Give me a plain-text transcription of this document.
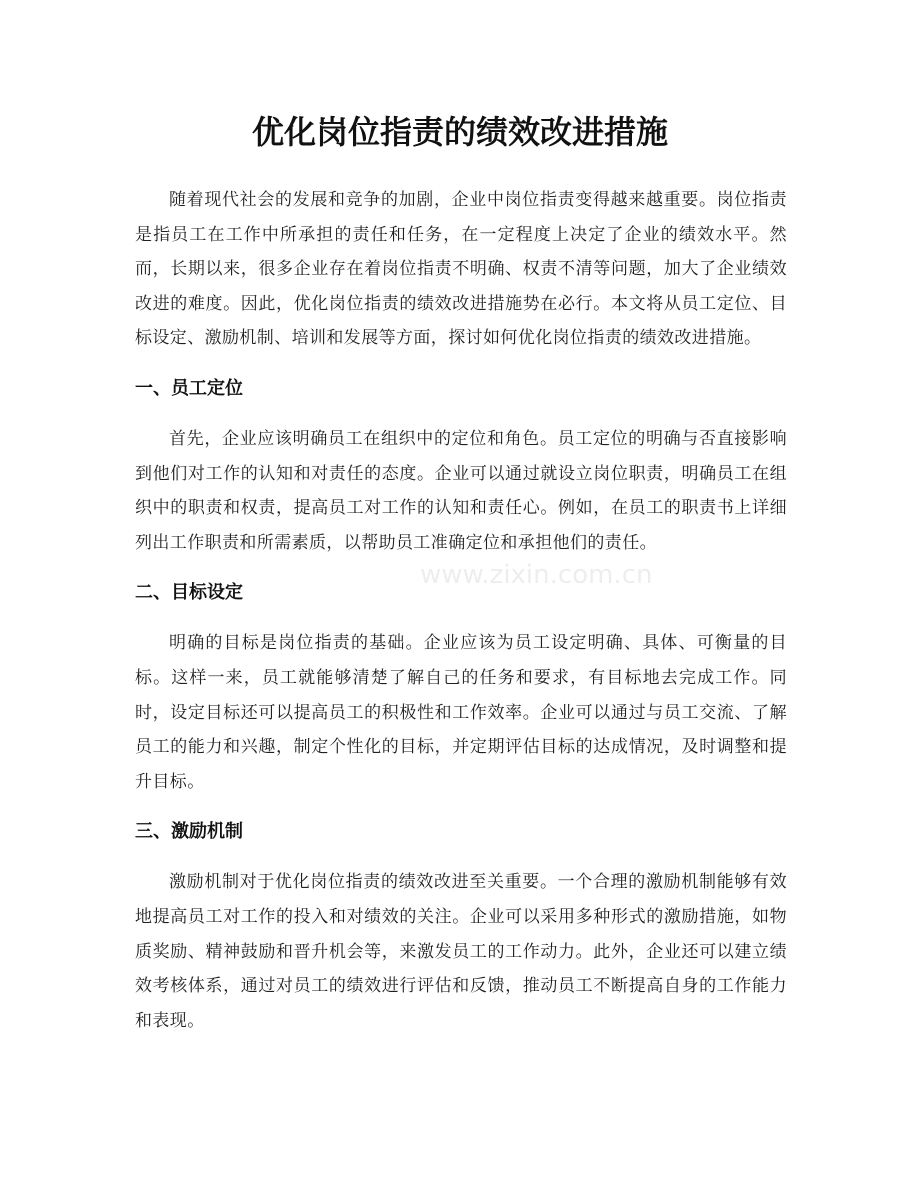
优化岗位指责的绩效改进措施

随着现代社会的发展和竞争的加剧，企业中岗位指责变得越来越重要。岗位指责是指员工在工作中所承担的责任和任务，在一定程度上决定了企业的绩效水平。然而，长期以来，很多企业存在着岗位指责不明确、权责不清等问题，加大了企业绩效改进的难度。因此，优化岗位指责的绩效改进措施势在必行。本文将从员工定位、目标设定、激励机制、培训和发展等方面，探讨如何优化岗位指责的绩效改进措施。

一、员工定位

首先，企业应该明确员工在组织中的定位和角色。员工定位的明确与否直接影响到他们对工作的认知和对责任的态度。企业可以通过就设立岗位职责，明确员工在组织中的职责和权责，提高员工对工作的认知和责任心。例如，在员工的职责书上详细列出工作职责和所需素质，以帮助员工准确定位和承担他们的责任。

二、目标设定

明确的目标是岗位指责的基础。企业应该为员工设定明确、具体、可衡量的目标。这样一来，员工就能够清楚了解自己的任务和要求，有目标地去完成工作。同时，设定目标还可以提高员工的积极性和工作效率。企业可以通过与员工交流、了解员工的能力和兴趣，制定个性化的目标，并定期评估目标的达成情况，及时调整和提升目标。

三、激励机制

激励机制对于优化岗位指责的绩效改进至关重要。一个合理的激励机制能够有效地提高员工对工作的投入和对绩效的关注。企业可以采用多种形式的激励措施，如物质奖励、精神鼓励和晋升机会等，来激发员工的工作动力。此外，企业还可以建立绩效考核体系，通过对员工的绩效进行评估和反馈，推动员工不断提高自身的工作能力和表现。

www.zixin.com.cn
